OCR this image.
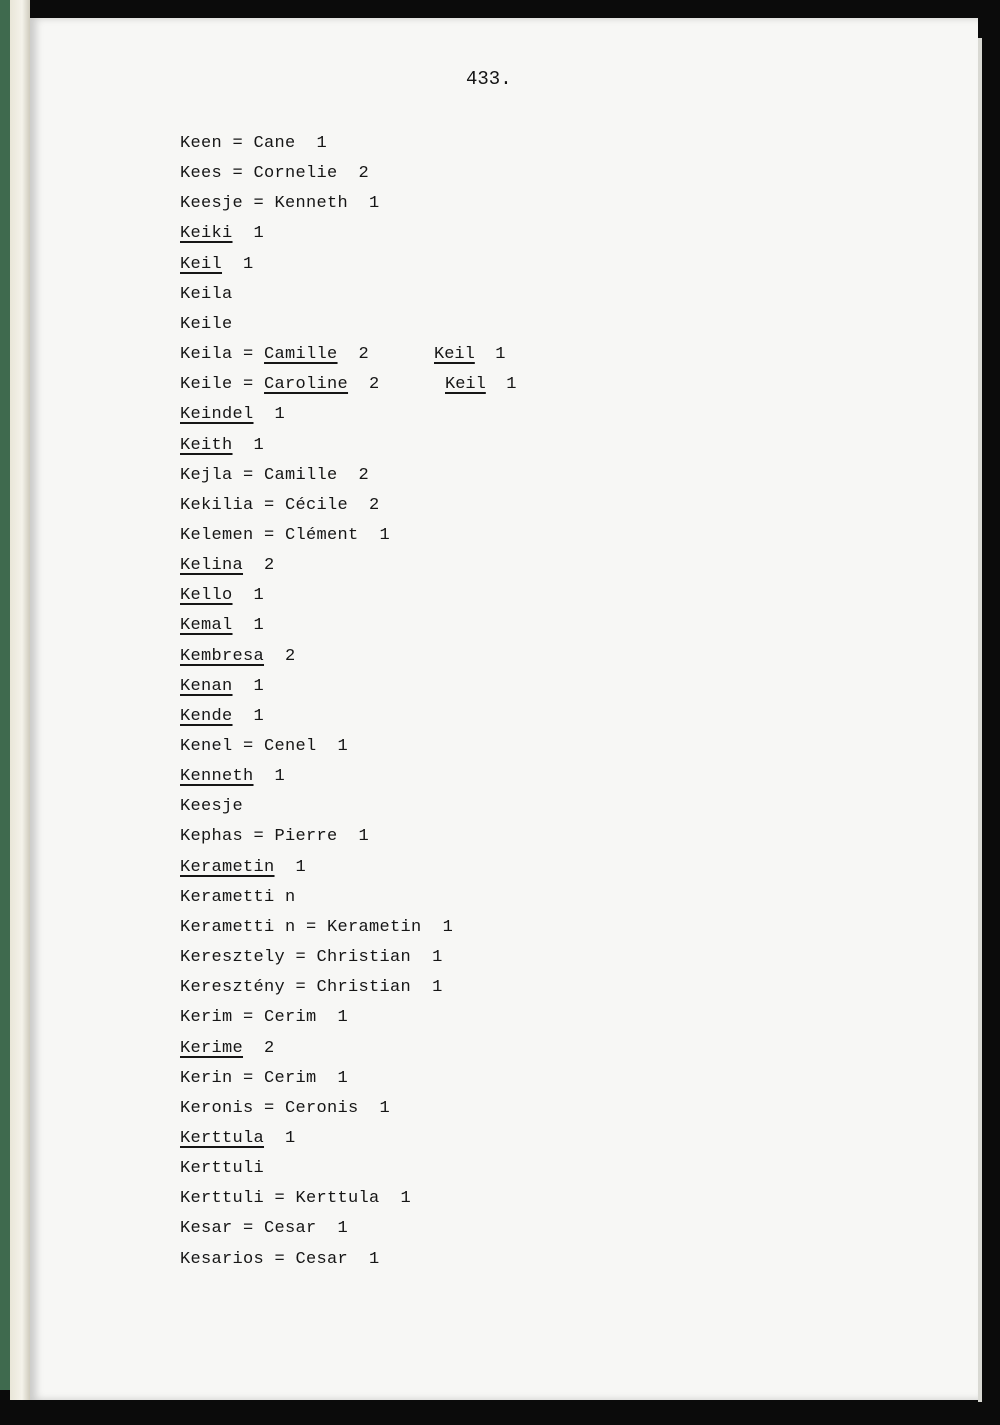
433.
Keen = Cane  1
Kees = Cornelie  2
Keesje = Kenneth  1
Keiki  1
Keil  1
Keila
Keile
Keila = Camille  2	Keil  1
Keile = Caroline  2	Keil  1
Keindel  1
Keith  1
Kejla = Camille  2
Kekilia = Cécile  2
Kelemen = Clément  1
Kelina  2
Kello  1
Kemal  1
Kembresa  2
Kenan  1
Kende  1
Kenel = Cenel  1
Kenneth  1
Keesje
Kephas = Pierre  1
Kerametin  1
Kerametti n
Kerametti n = Kerametin  1
Keresztely = Christian  1
Keresztény = Christian  1
Kerim = Cerim  1
Kerime  2
Kerin = Cerim  1
Keronis = Ceronis  1
Kerttula  1
Kerttuli
Kerttuli = Kerttula  1
Kesar = Cesar  1
Kesarios = Cesar  1
